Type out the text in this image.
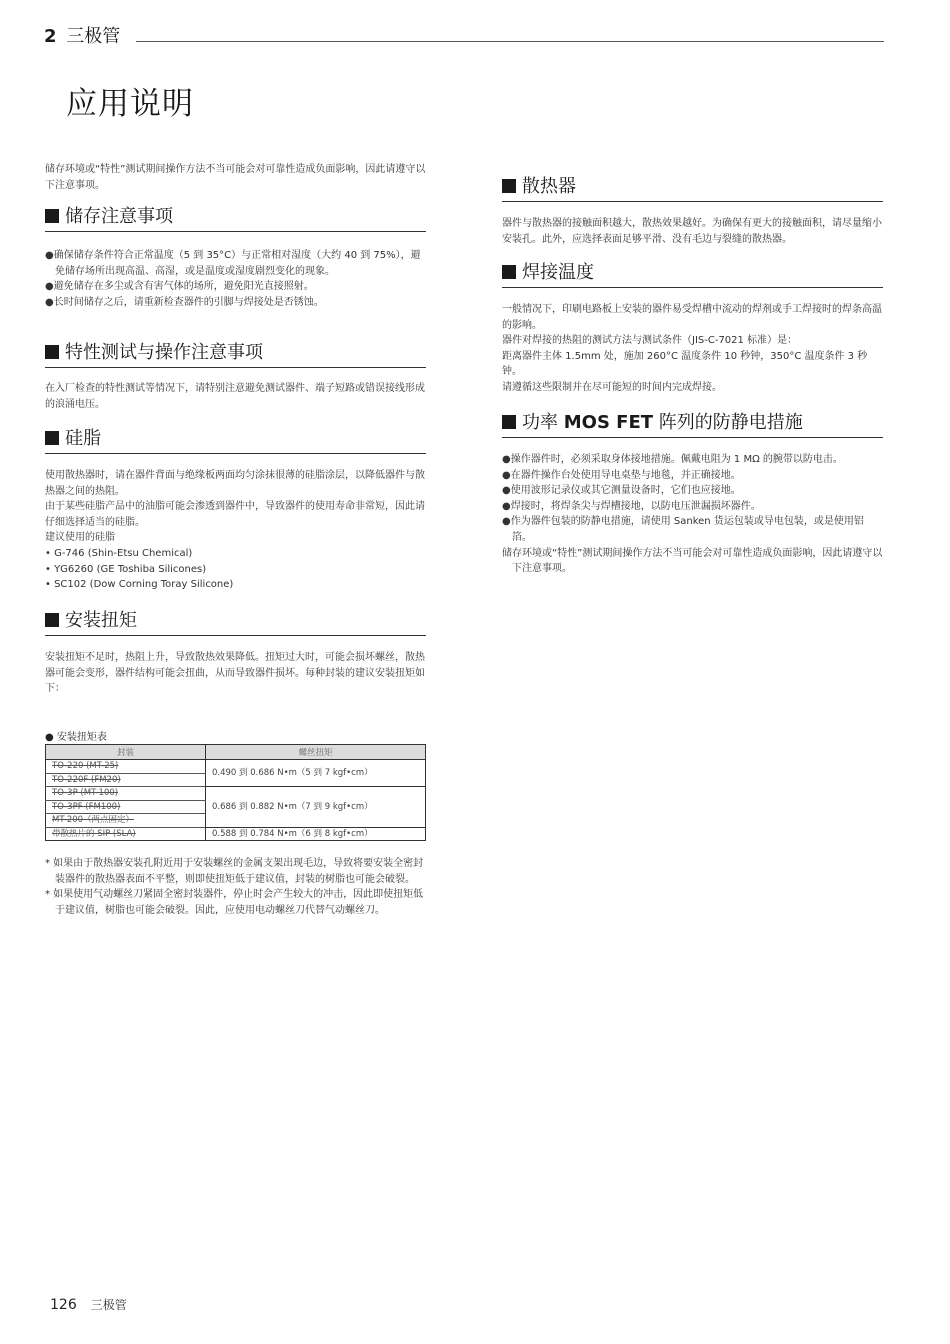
2 三极管
应用说明

储存环境或“特性”测试期间操作方法不当可能会对可靠性造成负面影响，因此请遵守以下注意事项。

储存注意事项
●确保储存条件符合正常温度（5 到 35°C）与正常相对湿度（大约 40 到 75%），避免储存场所出现高温、高湿，或是温度或湿度剧烈变化的现象。
●避免储存在多尘或含有害气体的场所，避免阳光直接照射。
●长时间储存之后，请重新检查器件的引脚与焊接处是否锈蚀。
特性测试与操作注意事项

在入厂检查的特性测试等情况下，请特别注意避免测试器件、端子短路或错误接线形成的浪涌电压。

硅脂

使用散热器时，请在器件背面与绝缘板两面均匀涂抹很薄的硅脂涂层，以降低器件与散热器之间的热阻。

由于某些硅脂产品中的油脂可能会渗透到器件中，导致器件的使用寿命非常短，因此请仔细选择适当的硅脂。

建议使用的硅脂

• G-746 (Shin-Etsu Chemical)
• YG6260 (GE Toshiba Silicones)
• SC102 (Dow Corning Toray Silicone)
安装扭矩

安装扭矩不足时，热阻上升，导致散热效果降低。扭矩过大时，可能会损坏螺丝，散热器可能会变形，器件结构可能会扭曲，从而导致器件损坏。每种封装的建议安装扭矩如下：

● 安装扭矩表
封装	螺丝扭矩
TO-220 (MT-25)	0.490 到 0.686 N•m（5 到 7 kgf•cm）
TO-220F (FM20)	
TO-3P (MT-100)	0.686 到 0.882 N•m（7 到 9 kgf•cm）
TO-3PF (FM100)	
MT-200（两点固定）	
带散热片的 SIP (SLA)	0.588 到 0.784 N•m（6 到 8 kgf•cm）
* 如果由于散热器安装孔附近用于安装螺丝的金属支架出现毛边，导致将要安装全密封装器件的散热器表面不平整，则即使扭矩低于建议值，封装的树脂也可能会破裂。
* 如果使用气动螺丝刀紧固全密封装器件，停止时会产生较大的冲击，因此即使扭矩低于建议值，树脂也可能会破裂。因此，应使用电动螺丝刀代替气动螺丝刀。
散热器

器件与散热器的接触面积越大，散热效果越好。为确保有更大的接触面积，请尽量缩小安装孔。此外，应选择表面足够平滑、没有毛边与裂缝的散热器。

焊接温度

一般情况下，印刷电路板上安装的器件易受焊槽中流动的焊剂或手工焊接时的焊条高温的影响。

器件对焊接的热阻的测试方法与测试条件（JIS-C-7021 标准）是：

距离器件主体 1.5mm 处，施加 260°C 温度条件 10 秒钟，350°C 温度条件 3 秒钟。

请遵循这些限制并在尽可能短的时间内完成焊接。

功率 MOS FET 阵列的防静电措施
●操作器件时，必须采取身体接地措施。佩戴电阻为 1 MΩ 的腕带以防电击。
●在器件操作台处使用导电桌垫与地毯，并正确接地。
●使用波形记录仪或其它测量设备时，它们也应接地。
●焊接时，将焊条尖与焊槽接地，以防电压泄漏损坏器件。
●作为器件包装的防静电措施，请使用 Sanken 货运包装或导电包装，或是使用铝箔。
储存环境或“特性”测试期间操作方法不当可能会对可靠性造成负面影响，因此请遵守以下注意事项。
126 三极管
